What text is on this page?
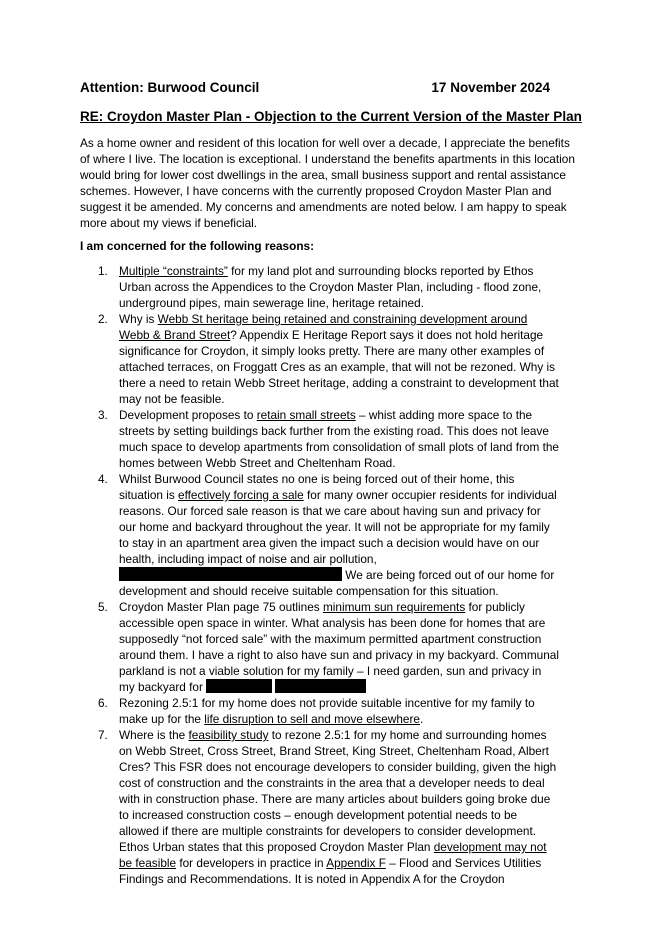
Attention: Burwood Council	17 November 2024
RE: Croydon Master Plan - Objection to the Current Version of the Master Plan
As a home owner and resident of this location for well over a decade, I appreciate the benefits of where I live. The location is exceptional. I understand the benefits apartments in this location would bring for lower cost dwellings in the area, small business support and rental assistance schemes. However, I have concerns with the currently proposed Croydon Master Plan and suggest it be amended. My concerns and amendments are noted below. I am happy to speak more about my views if beneficial.
I am concerned for the following reasons:
1. Multiple “constraints” for my land plot and surrounding blocks reported by Ethos Urban across the Appendices to the Croydon Master Plan, including - flood zone, underground pipes, main sewerage line, heritage retained.
2. Why is Webb St heritage being retained and constraining development around Webb & Brand Street? Appendix E Heritage Report says it does not hold heritage significance for Croydon, it simply looks pretty. There are many other examples of attached terraces, on Froggatt Cres as an example, that will not be rezoned. Why is there a need to retain Webb Street heritage, adding a constraint to development that may not be feasible.
3. Development proposes to retain small streets – whist adding more space to the streets by setting buildings back further from the existing road. This does not leave much space to develop apartments from consolidation of small plots of land from the homes between Webb Street and Cheltenham Road.
4. Whilst Burwood Council states no one is being forced out of their home, this situation is effectively forcing a sale for many owner occupier residents for individual reasons. Our forced sale reason is that we care about having sun and privacy for our home and backyard throughout the year. It will not be appropriate for my family to stay in an apartment area given the impact such a decision would have on our health, including impact of noise and air pollution,  We are being forced out of our home for development and should receive suitable compensation for this situation.
5. Croydon Master Plan page 75 outlines minimum sun requirements for publicly accessible open space in winter. What analysis has been done for homes that are supposedly “not forced sale” with the maximum permitted apartment construction around them. I have a right to also have sun and privacy in my backyard. Communal parkland is not a viable solution for my family – I need garden, sun and privacy in my backyard for
6. Rezoning 2.5:1 for my home does not provide suitable incentive for my family to make up for the life disruption to sell and move elsewhere.
7. Where is the feasibility study to rezone 2.5:1 for my home and surrounding homes on Webb Street, Cross Street, Brand Street, King Street, Cheltenham Road, Albert Cres? This FSR does not encourage developers to consider building, given the high cost of construction and the constraints in the area that a developer needs to deal with in construction phase. There are many articles about builders going broke due to increased construction costs – enough development potential needs to be allowed if there are multiple constraints for developers to consider development. Ethos Urban states that this proposed Croydon Master Plan development may not be feasible for developers in practice in Appendix F – Flood and Services Utilities Findings and Recommendations. It is noted in Appendix A for the Croydon
